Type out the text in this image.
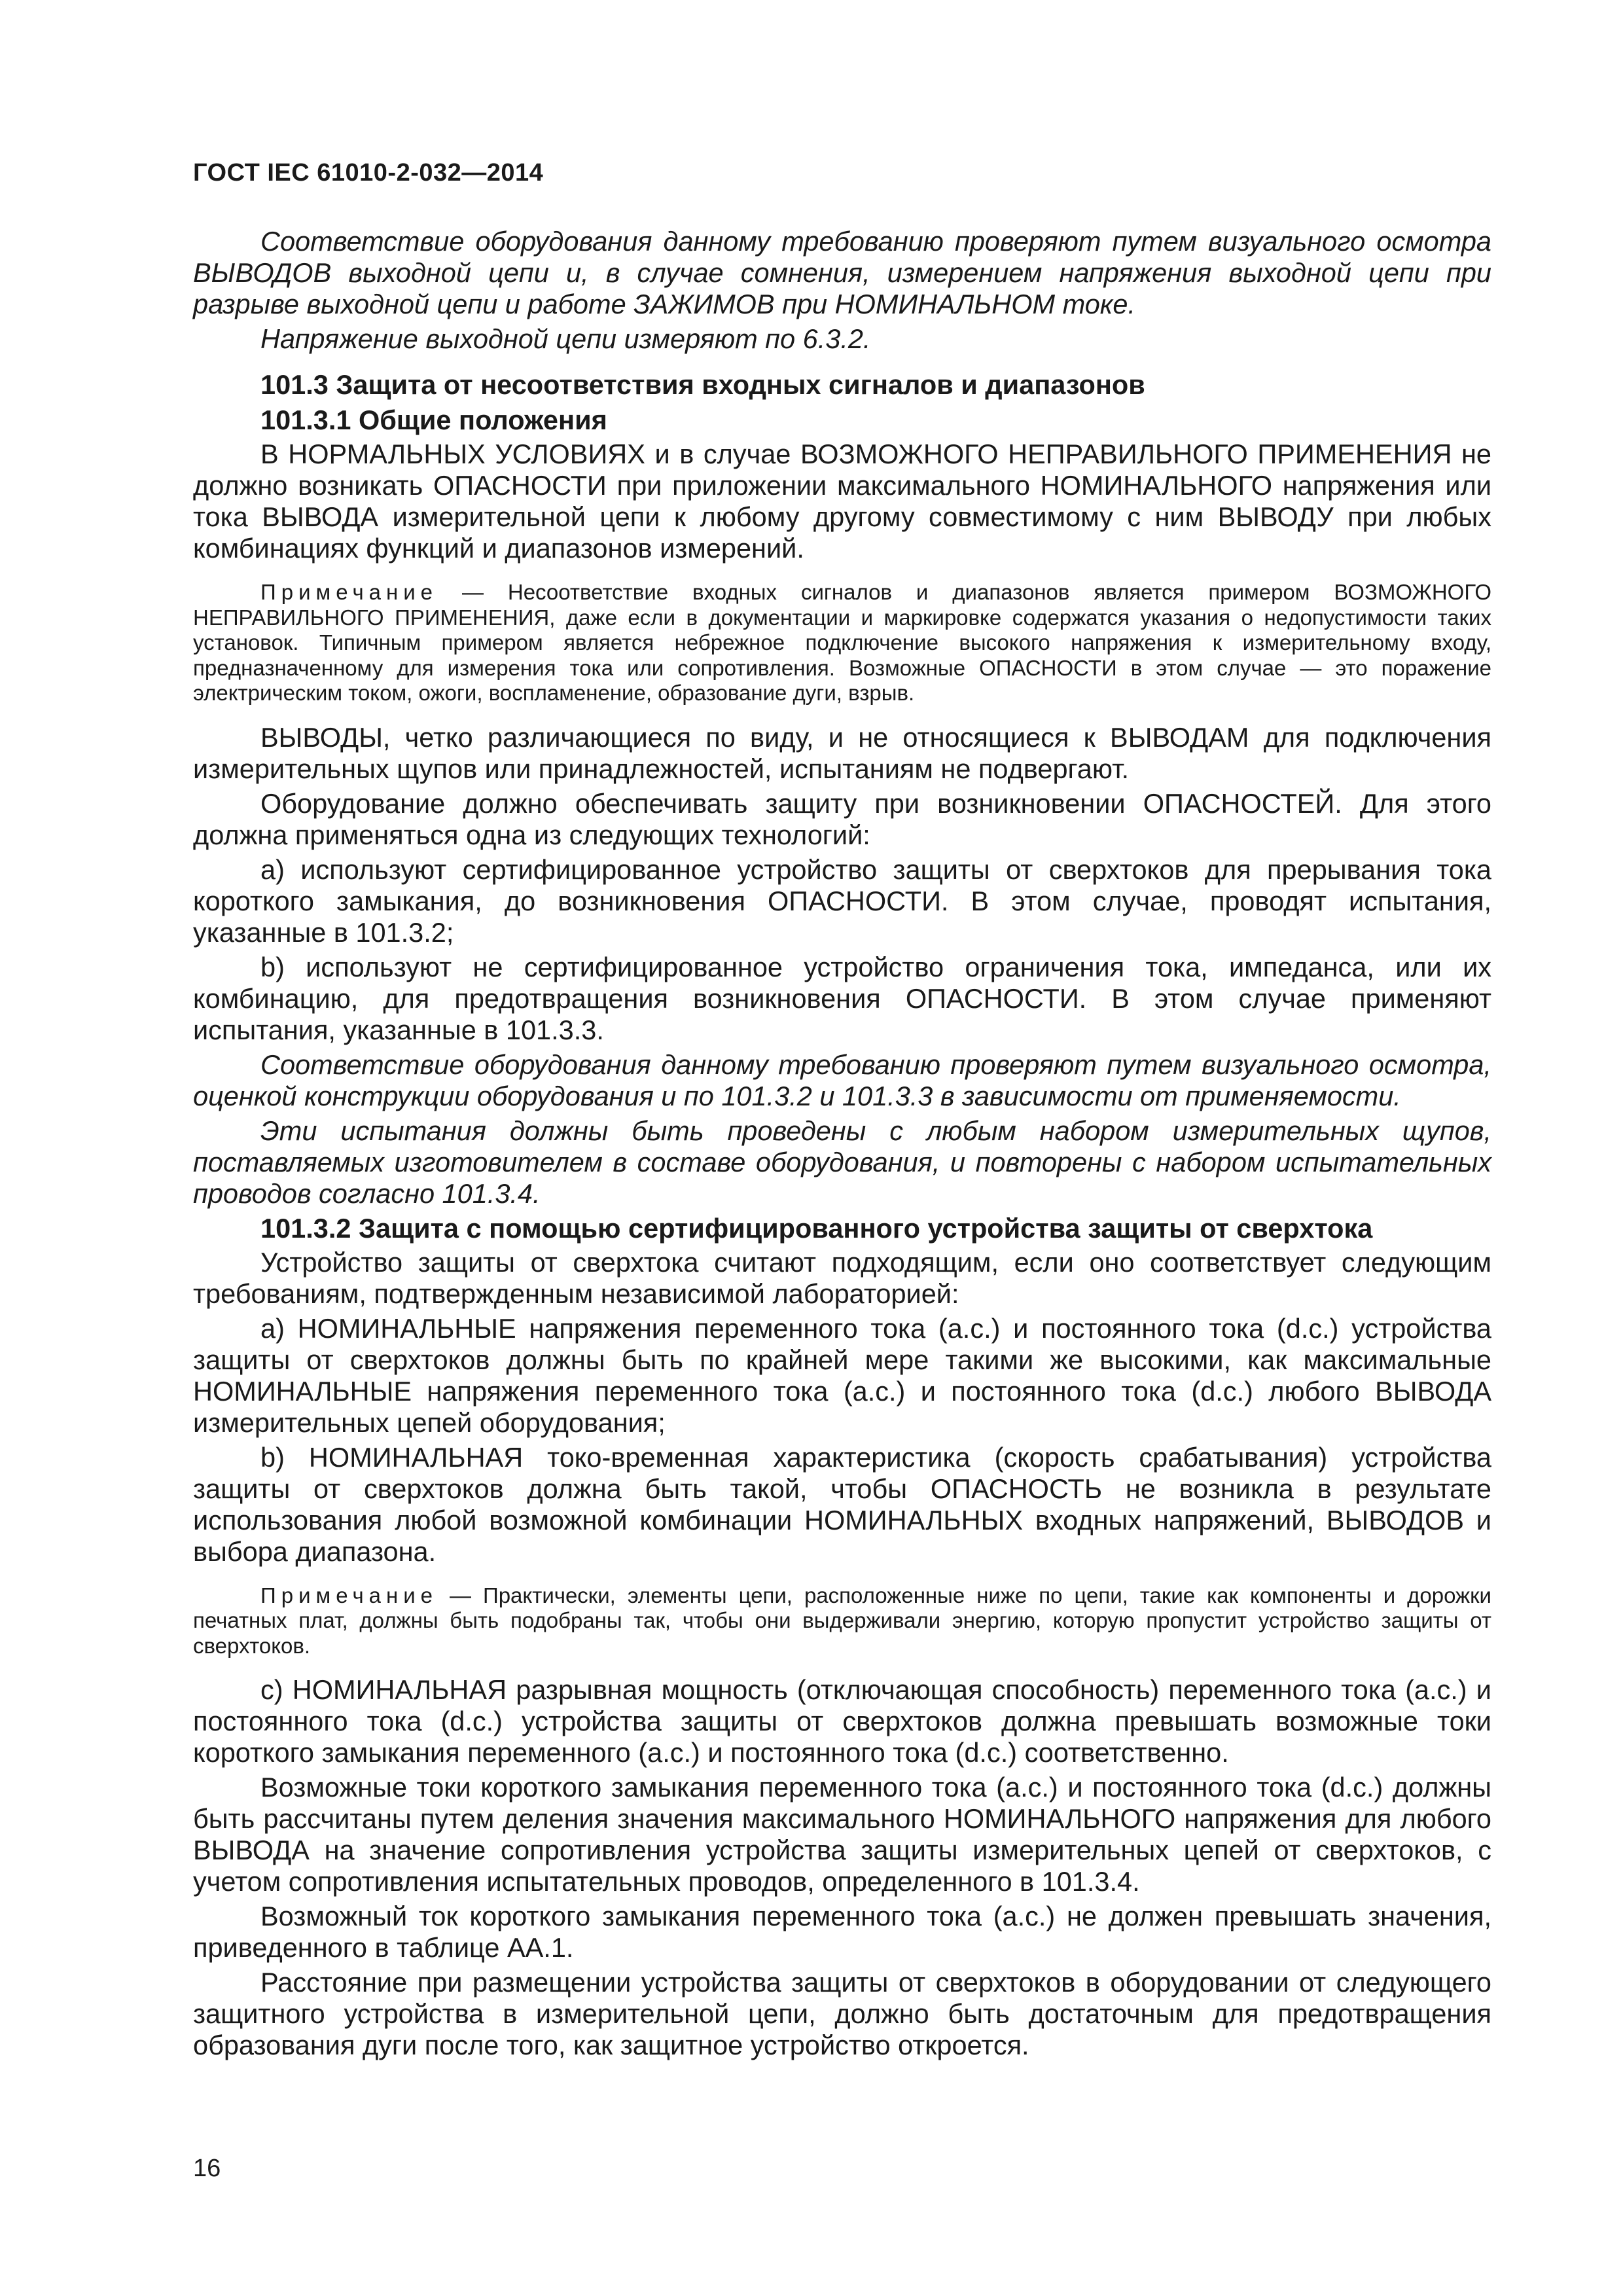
ГОСТ IEC 61010-2-032—2014

Соответствие оборудования данному требованию проверяют путем визуального осмотра ВЫВОДОВ выходной цепи и, в случае сомнения, измерением напряжения выходной цепи при разрыве выходной цепи и работе ЗАЖИМОВ при НОМИНАЛЬНОМ токе.

Напряжение выходной цепи измеряют по 6.3.2.

101.3 Защита от несоответствия входных сигналов и диапазонов
101.3.1 Общие положения

В НОРМАЛЬНЫХ УСЛОВИЯХ и в случае ВОЗМОЖНОГО НЕПРАВИЛЬНОГО ПРИМЕНЕНИЯ не должно возникать ОПАСНОСТИ при приложении максимального НОМИНАЛЬНОГО напряжения или тока ВЫВОДА измерительной цепи к любому другому совместимому с ним ВЫВОДУ при любых комбинациях функций и диапазонов измерений.

Примечание — Несоответствие входных сигналов и диапазонов является примером ВОЗМОЖНОГО НЕПРАВИЛЬНОГО ПРИМЕНЕНИЯ, даже если в документации и маркировке содержатся указания о недопустимости таких установок. Типичным примером является небрежное подключение высокого напряжения к измерительному входу, предназначенному для измерения тока или сопротивления. Возможные ОПАСНОСТИ в этом случае — это поражение электрическим током, ожоги, воспламенение, образование дуги, взрыв.

ВЫВОДЫ, четко различающиеся по виду, и не относящиеся к ВЫВОДАМ для подключения измерительных щупов или принадлежностей, испытаниям не подвергают.

Оборудование должно обеспечивать защиту при возникновении ОПАСНОСТЕЙ. Для этого должна применяться одна из следующих технологий:

a) используют сертифицированное устройство защиты от сверхтоков для прерывания тока короткого замыкания, до возникновения ОПАСНОСТИ. В этом случае, проводят испытания, указанные в 101.3.2;

b) используют не сертифицированное устройство ограничения тока, импеданса, или их комбинацию, для предотвращения возникновения ОПАСНОСТИ. В этом случае применяют испытания, указанные в 101.3.3.

Соответствие оборудования данному требованию проверяют путем визуального осмотра, оценкой конструкции оборудования и по 101.3.2 и 101.3.3 в зависимости от применяемости.

Эти испытания должны быть проведены с любым набором измерительных щупов, поставляемых изготовителем в составе оборудования, и повторены с набором испытательных проводов согласно 101.3.4.

101.3.2 Защита с помощью сертифицированного устройства защиты от сверхтока

Устройство защиты от сверхтока считают подходящим, если оно соответствует следующим требованиям, подтвержденным независимой лабораторией:

a) НОМИНАЛЬНЫЕ напряжения переменного тока (a.c.) и постоянного тока (d.c.) устройства защиты от сверхтоков должны быть по крайней мере такими же высокими, как максимальные НОМИНАЛЬНЫЕ напряжения переменного тока (a.c.) и постоянного тока (d.c.) любого ВЫВОДА измерительных цепей оборудования;

b) НОМИНАЛЬНАЯ токо-временная характеристика (скорость срабатывания) устройства защиты от сверхтоков должна быть такой, чтобы ОПАСНОСТЬ не возникла в результате использования любой возможной комбинации НОМИНАЛЬНЫХ входных напряжений, ВЫВОДОВ и выбора диапазона.

Примечание — Практически, элементы цепи, расположенные ниже по цепи, такие как компоненты и дорожки печатных плат, должны быть подобраны так, чтобы они выдерживали энергию, которую пропустит устройство защиты от сверхтоков.

c) НОМИНАЛЬНАЯ разрывная мощность (отключающая способность) переменного тока (a.c.) и постоянного тока (d.c.) устройства защиты от сверхтоков должна превышать возможные токи короткого замыкания переменного (a.c.) и постоянного тока (d.c.) соответственно.

Возможные токи короткого замыкания переменного тока (a.c.) и постоянного тока (d.c.) должны быть рассчитаны путем деления значения максимального НОМИНАЛЬНОГО напряжения для любого ВЫВОДА на значение сопротивления устройства защиты измерительных цепей от сверхтоков, с учетом сопротивления испытательных проводов, определенного в 101.3.4.

Возможный ток короткого замыкания переменного тока (a.c.) не должен превышать значения, приведенного в таблице АА.1.

Расстояние при размещении устройства защиты от сверхтоков в оборудовании от следующего защитного устройства в измерительной цепи, должно быть достаточным для предотвращения образования дуги после того, как защитное устройство откроется.

16
